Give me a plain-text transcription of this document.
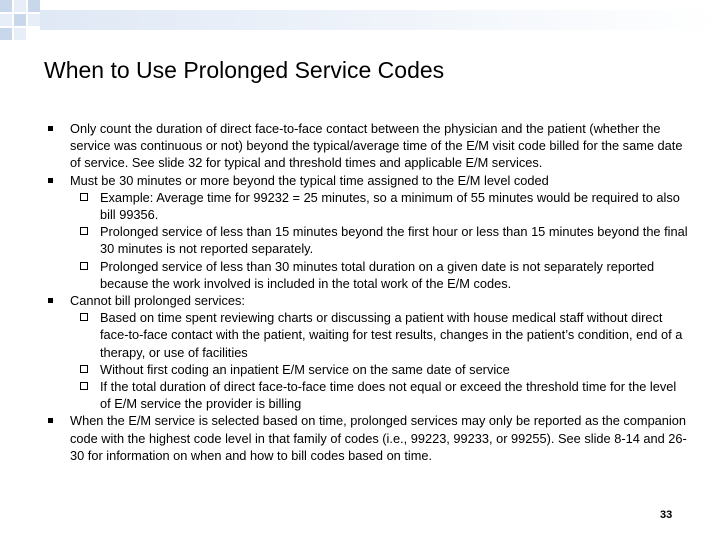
When to Use Prolonged Service Codes
Only count the duration of direct face-to-face contact between the physician and the patient (whether the service was continuous or not) beyond the typical/average time of the E/M visit code billed for the same date of service. See slide 32 for typical and threshold times and applicable E/M services.
Must be 30 minutes or more beyond the typical time assigned to the E/M level coded
Example: Average time for 99232 = 25 minutes, so a minimum of 55 minutes would be required to also bill 99356.
Prolonged service of less than 15 minutes beyond the first hour or less than 15 minutes beyond the final 30 minutes is not reported separately.
Prolonged service of less than 30 minutes total duration on a given date is not separately reported because the work involved is included in the total work of the E/M codes.
Cannot bill prolonged services:
Based on time spent reviewing charts or discussing a patient with house medical staff without direct face-to-face contact with the patient, waiting for test results, changes in the patient’s condition, end of a therapy, or use of facilities
Without first coding an inpatient E/M service on the same date of service
If the total duration of direct face-to-face time does not equal or exceed the threshold time for the level of E/M service the provider is billing
When the E/M service is selected based on time, prolonged services may only be reported as the companion code with the highest code level in that family of codes (i.e., 99223, 99233, or 99255). See slide 8-14 and 26-30 for information on when and how to bill codes based on time.
33
